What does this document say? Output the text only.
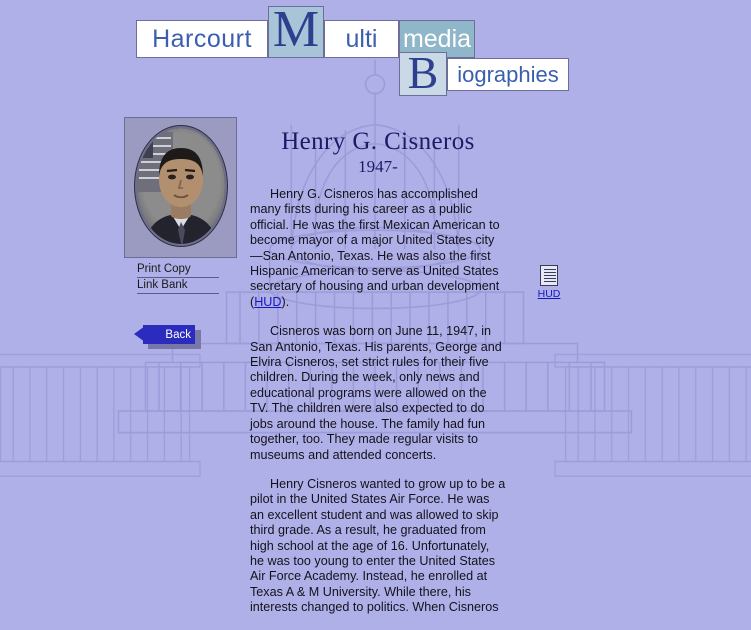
Harcourt M	ulti	media
B iographies
Print Copy
Link Bank
Back
Henry G. Cisneros
1947-

Henry G. Cisneros has accomplished many firsts during his career as a public official. He was the first Mexican American to become mayor of a major United States city—San Antonio, Texas. He was also the first Hispanic American to serve as United States secretary of housing and urban development (HUD).

Cisneros was born on June 11, 1947, in San Antonio, Texas. His parents, George and Elvira Cisneros, set strict rules for their five children. During the week, only news and educational programs were allowed on the TV. The children were also expected to do jobs around the house. The family had fun together, too. They made regular visits to museums and attended concerts.

Henry Cisneros wanted to grow up to be a pilot in the United States Air Force. He was an excellent student and was allowed to skip third grade. As a result, he graduated from high school at the age of 16. Unfortunately, he was too young to enter the United States Air Force Academy. Instead, he enrolled at Texas A & M University. While there, his interests changed to politics. When Cisneros

HUD
